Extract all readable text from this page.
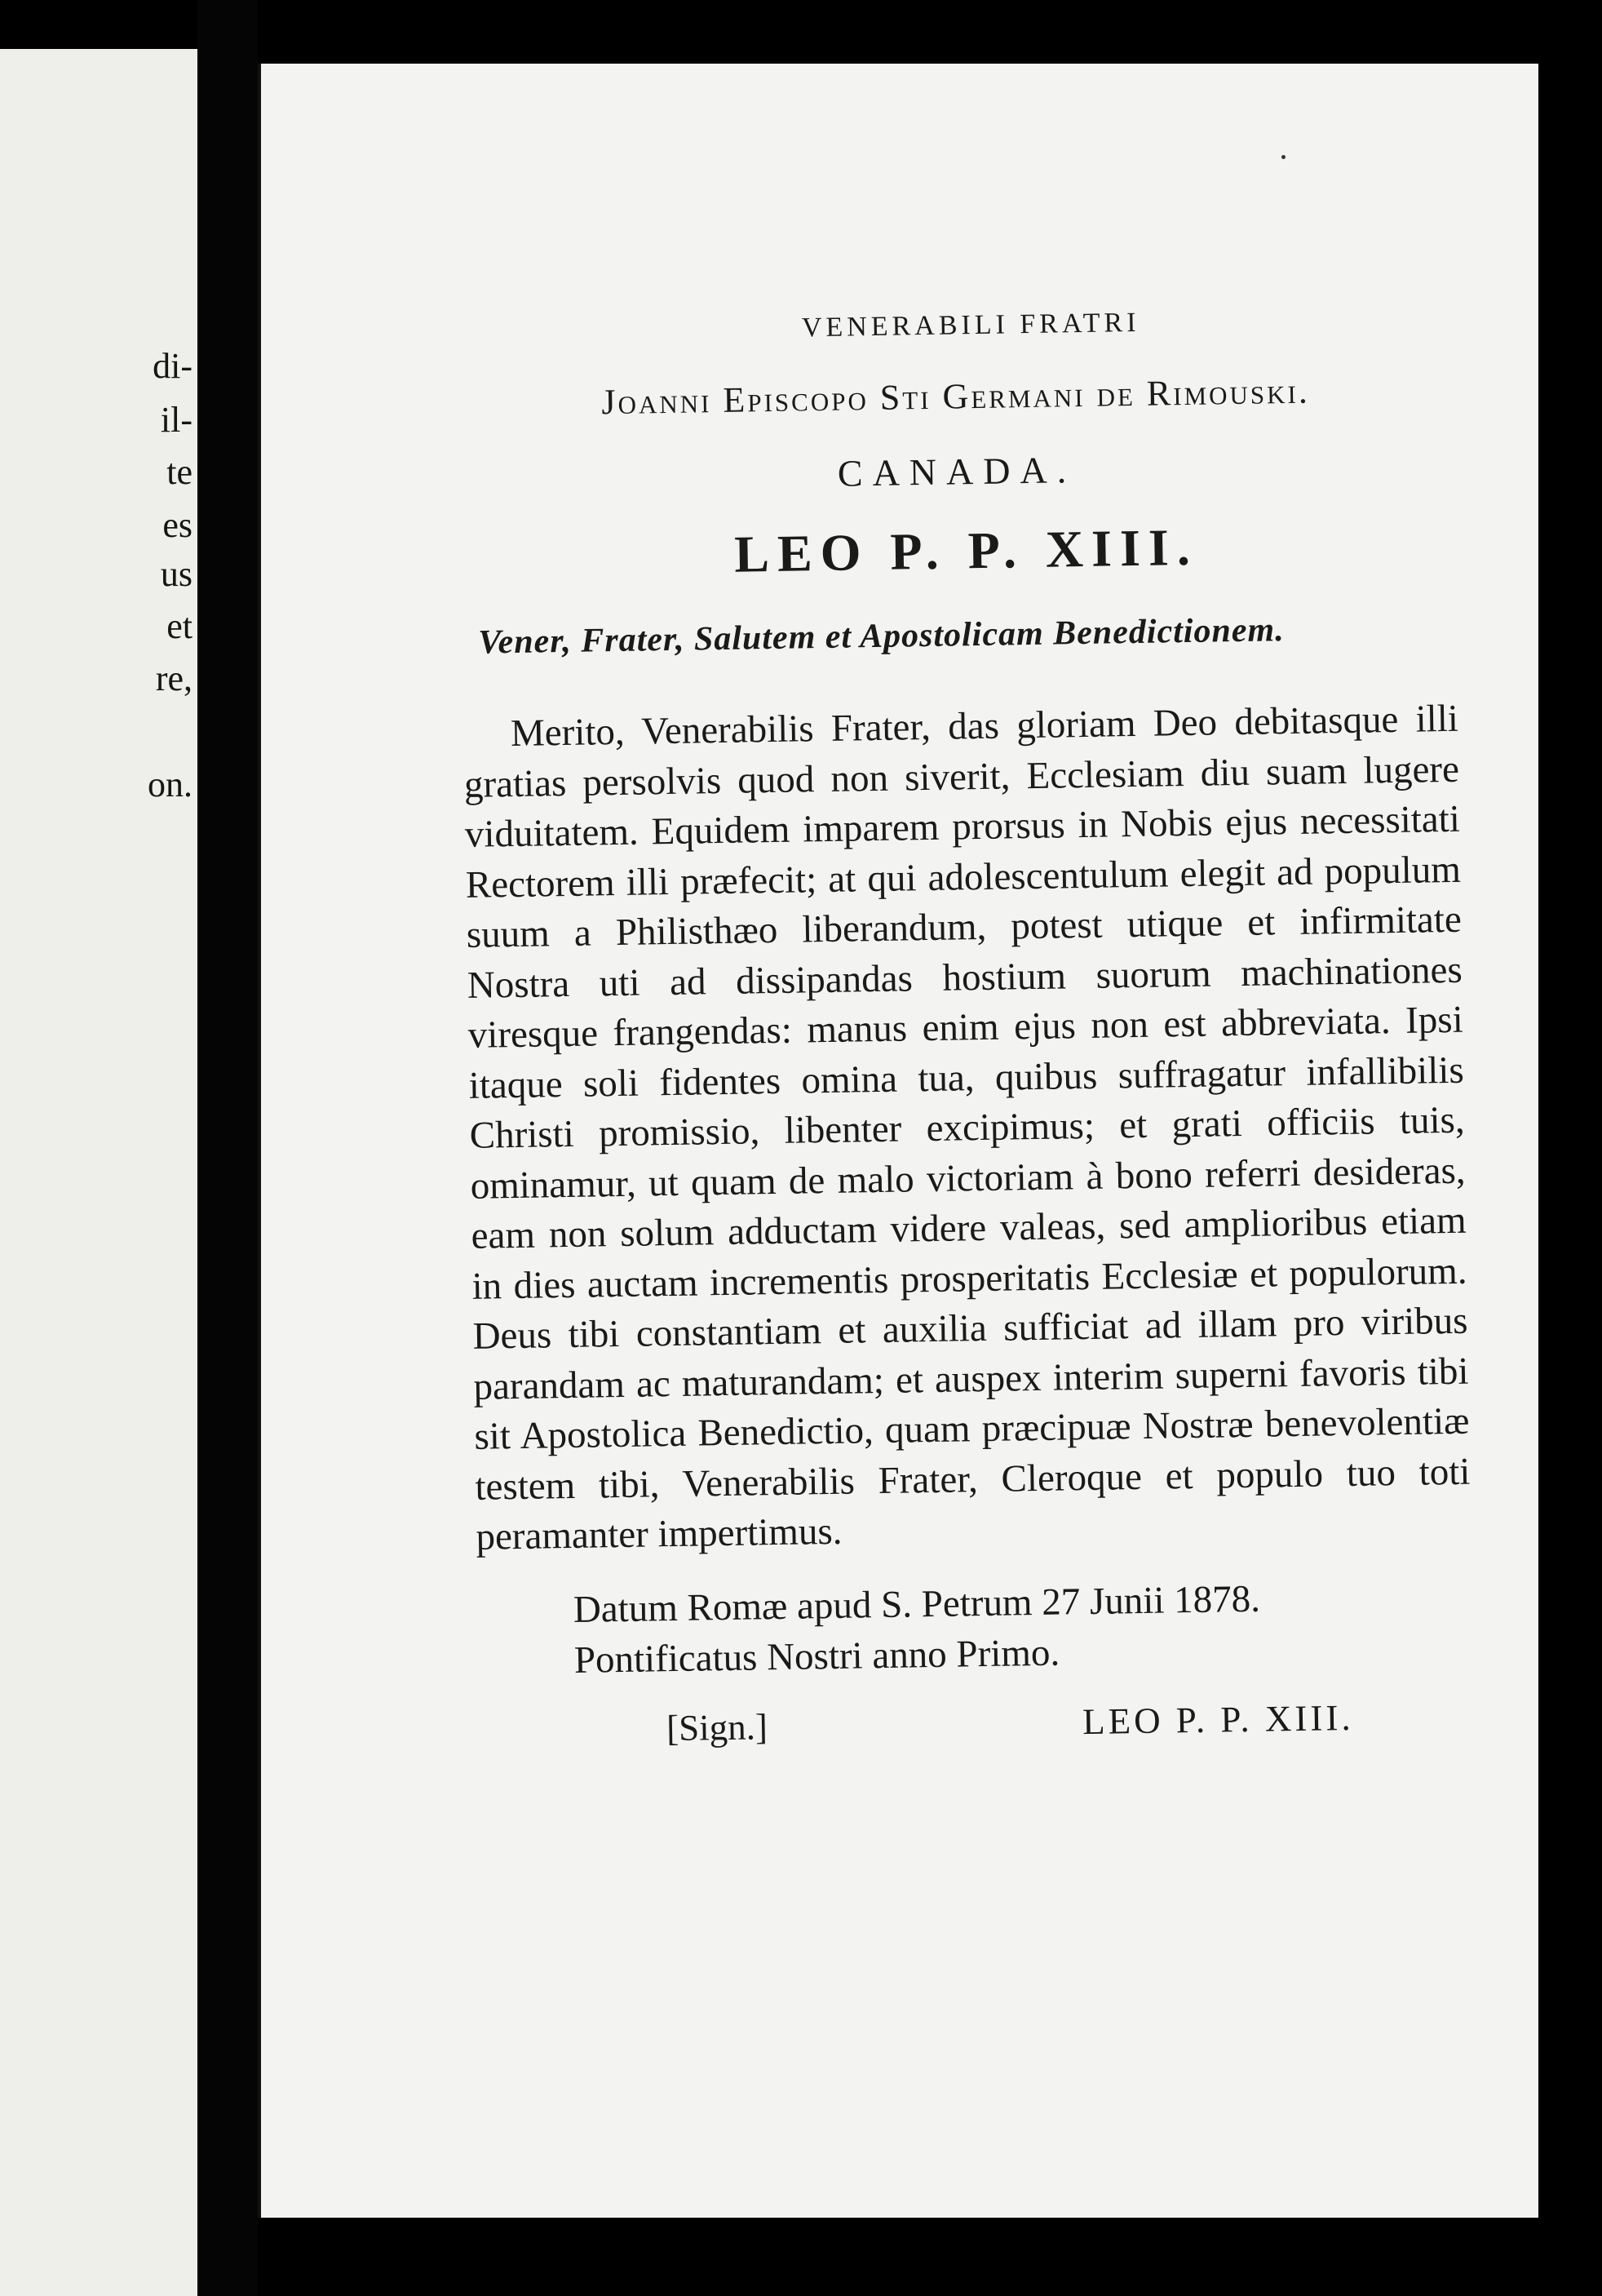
di-
il-
te
es
us
et
re,
on.
VENERABILI FRATRI
Joanni Episcopo Sti Germani de Rimouski.
CANADA.
LEO P. P. XIII.
Vener, Frater, Salutem et Apostolicam Benedictionem.

Merito, Venerabilis Frater, das gloriam Deo debitasque illi gratias persolvis quod non siverit, Ecclesiam diu suam lugere viduitatem. Equidem imparem prorsus in Nobis ejus necessitati Rectorem illi præfecit; at qui adolescentulum elegit ad populum suum a Philisthæo liberandum, potest utique et infirmitate Nostra uti ad dissipandas hostium suorum machinationes viresque frangendas: manus enim ejus non est abbreviata. Ipsi itaque soli fidentes omina tua, quibus suffragatur infallibilis Christi promissio, libenter excipimus; et grati officiis tuis, ominamur, ut quam de malo victoriam à bono referri desideras, eam non solum adductam videre valeas, sed amplioribus etiam in dies auctam incrementis prosperitatis Ecclesiæ et populorum. Deus tibi constantiam et auxilia sufficiat ad illam pro viribus parandam ac maturandam; et auspex interim superni favoris tibi sit Apostolica Benedictio, quam præcipuæ Nostræ benevolentiæ testem tibi, Venerabilis Frater, Cleroque et populo tuo toti peramanter impertimus.

Datum Romæ apud S. Petrum 27 Junii 1878.
Pontificatus Nostri anno Primo.
[Sign.]	LEO P. P. XIII.
